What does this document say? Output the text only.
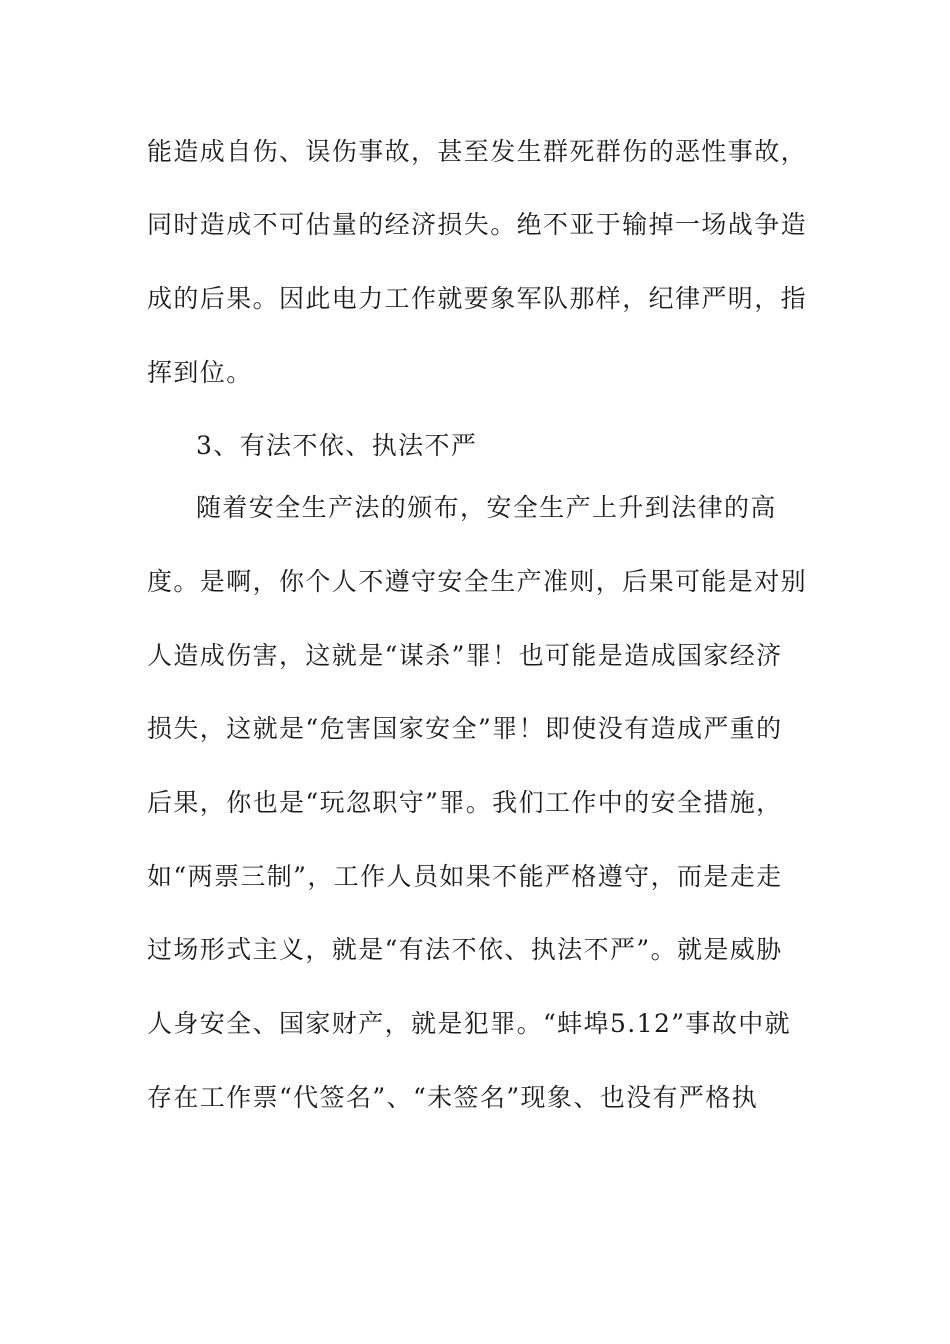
能造成自伤、误伤事故，甚至发生群死群伤的恶性事故，
同时造成不可估量的经济损失。绝不亚于输掉一场战争造
成的后果。因此电力工作就要象军队那样，纪律严明，指
挥到位。
3、有法不依、执法不严
随着安全生产法的颁布，安全生产上升到法律的高
度。是啊，你个人不遵守安全生产准则，后果可能是对别
人造成伤害，这就是“谋杀”罪！也可能是造成国家经济
损失，这就是“危害国家安全”罪！即使没有造成严重的
后果，你也是“玩忽职守”罪。我们工作中的安全措施，
如“两票三制”，工作人员如果不能严格遵守，而是走走
过场形式主义，就是“有法不依、执法不严”。就是威胁
人身安全、国家财产，就是犯罪。“蚌埠5.12”事故中就
存在工作票“代签名”、“未签名”现象、也没有严格执
